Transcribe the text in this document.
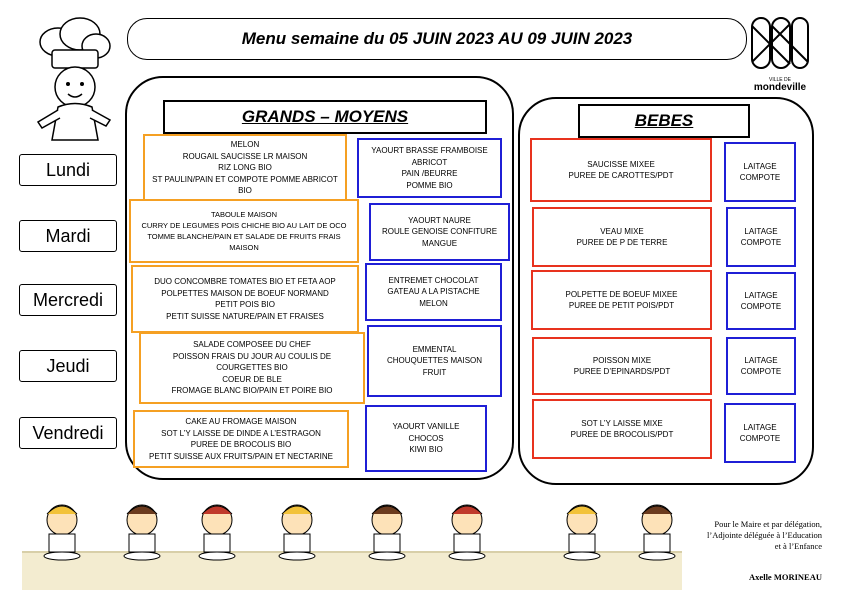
Menu semaine du 05 JUIN 2023 AU 09 JUIN 2023
VILLE DE
mondeville
GRANDS – MOYENS	BEBES
Lundi
Mardi
Mercredi
Jeudi
Vendredi
MELON
ROUGAIL SAUCISSE LR MAISON
RIZ LONG BIO
ST PAULIN/PAIN ET COMPOTE POMME ABRICOT BIO
YAOURT BRASSE FRAMBOISE
ABRICOT
PAIN /BEURRE
POMME BIO
SAUCISSE MIXEE
PUREE DE CAROTTES/PDT
LAITAGE
COMPOTE
TABOULE MAISON
CURRY DE LEGUMES POIS CHICHE BIO AU LAIT DE OCO
TOMME BLANCHE/PAIN ET SALADE DE FRUITS FRAIS MAISON
YAOURT NAURE
ROULE GENOISE CONFITURE
MANGUE
VEAU MIXE
PUREE DE P DE TERRE
LAITAGE
COMPOTE
DUO CONCOMBRE TOMATES BIO ET FETA AOP
POLPETTES MAISON DE BOEUF NORMAND
PETIT POIS BIO
PETIT SUISSE NATURE/PAIN ET FRAISES
ENTREMET CHOCOLAT
GATEAU A LA PISTACHE
MELON
POLPETTE DE BOEUF MIXEE
PUREE DE PETIT POIS/PDT
LAITAGE
COMPOTE
SALADE COMPOSEE DU CHEF
POISSON FRAIS DU JOUR AU COULIS DE COURGETTES BIO
COEUR DE BLE
FROMAGE BLANC BIO/PAIN ET POIRE BIO
EMMENTAL
CHOUQUETTES MAISON
FRUIT
POISSON MIXE
PUREE D’EPINARDS/PDT
LAITAGE
COMPOTE
CAKE AU FROMAGE MAISON
SOT L’Y LAISSE DE DINDE A L’ESTRAGON
PUREE DE BROCOLIS BIO
PETIT SUISSE AUX FRUITS/PAIN ET NECTARINE
YAOURT VANILLE
CHOCOS
KIWI BIO
SOT L’Y LAISSE MIXE
PUREE DE BROCOLIS/PDT
LAITAGE
COMPOTE
Pour le Maire et par délégation,
l’Adjointe déléguée à l’Education
et à l’Enfance
Axelle MORINEAU
